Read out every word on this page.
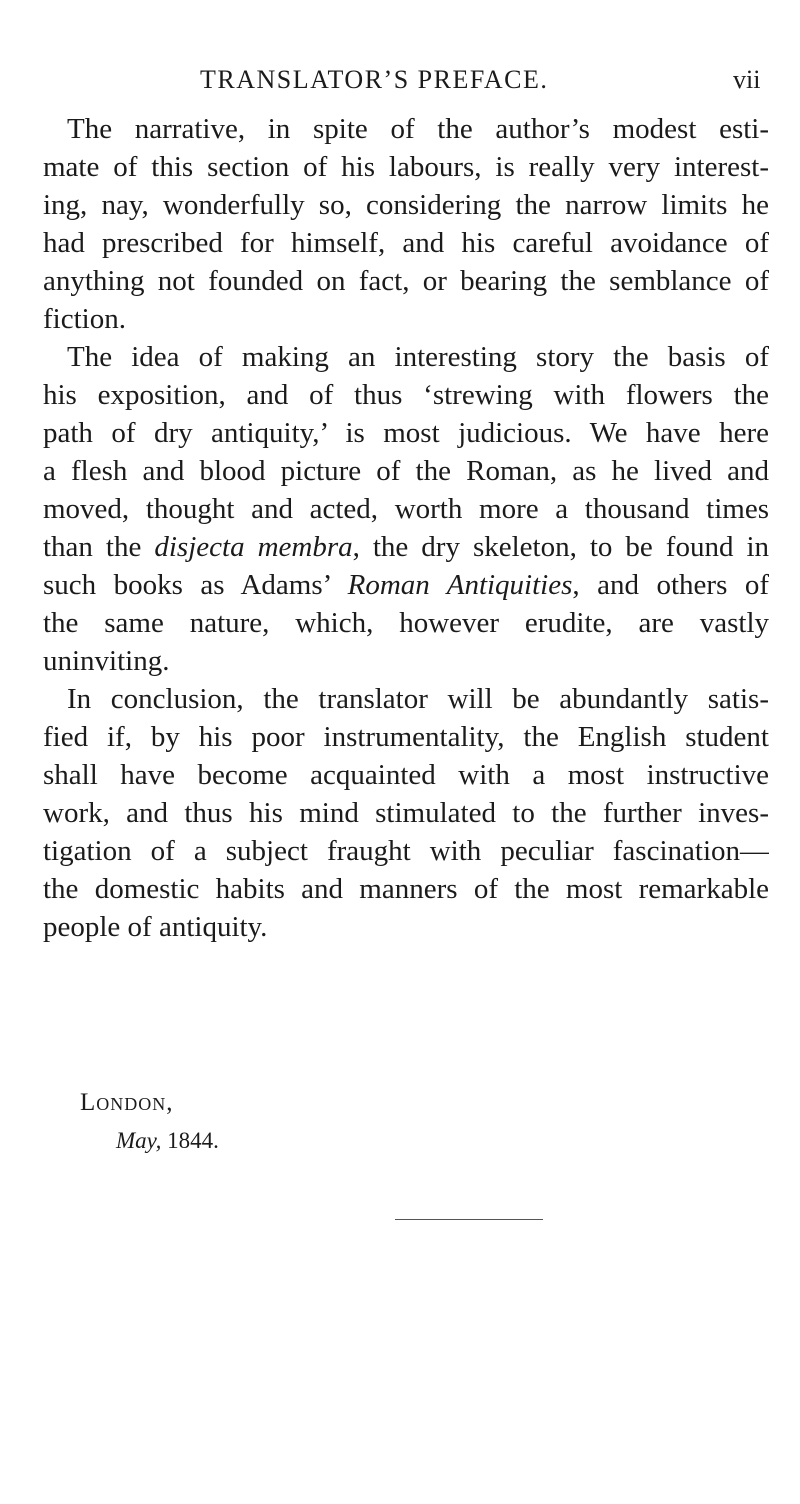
TRANSLATOR’S PREFACE.	vii
The narrative, in spite of the author’s modest esti-
mate of this section of his labours, is really very interest-
ing, nay, wonderfully so, considering the narrow limits he
had prescribed for himself, and his careful avoidance of
anything not founded on fact, or bearing the semblance of
fiction.
The idea of making an interesting story the basis of
his exposition, and of thus ‘strewing with flowers the
path of dry antiquity,’ is most judicious. We have here
a flesh and blood picture of the Roman, as he lived and
moved, thought and acted, worth more a thousand times
than the disjecta membra, the dry skeleton, to be found in
such books as Adams’ Roman Antiquities, and others of
the same nature, which, however erudite, are vastly
uninviting.
In conclusion, the translator will be abundantly satis-
fied if, by his poor instrumentality, the English student
shall have become acquainted with a most instructive
work, and thus his mind stimulated to the further inves-
tigation of a subject fraught with peculiar fascination—
the domestic habits and manners of the most remarkable
people of antiquity.
London,
May, 1844.
